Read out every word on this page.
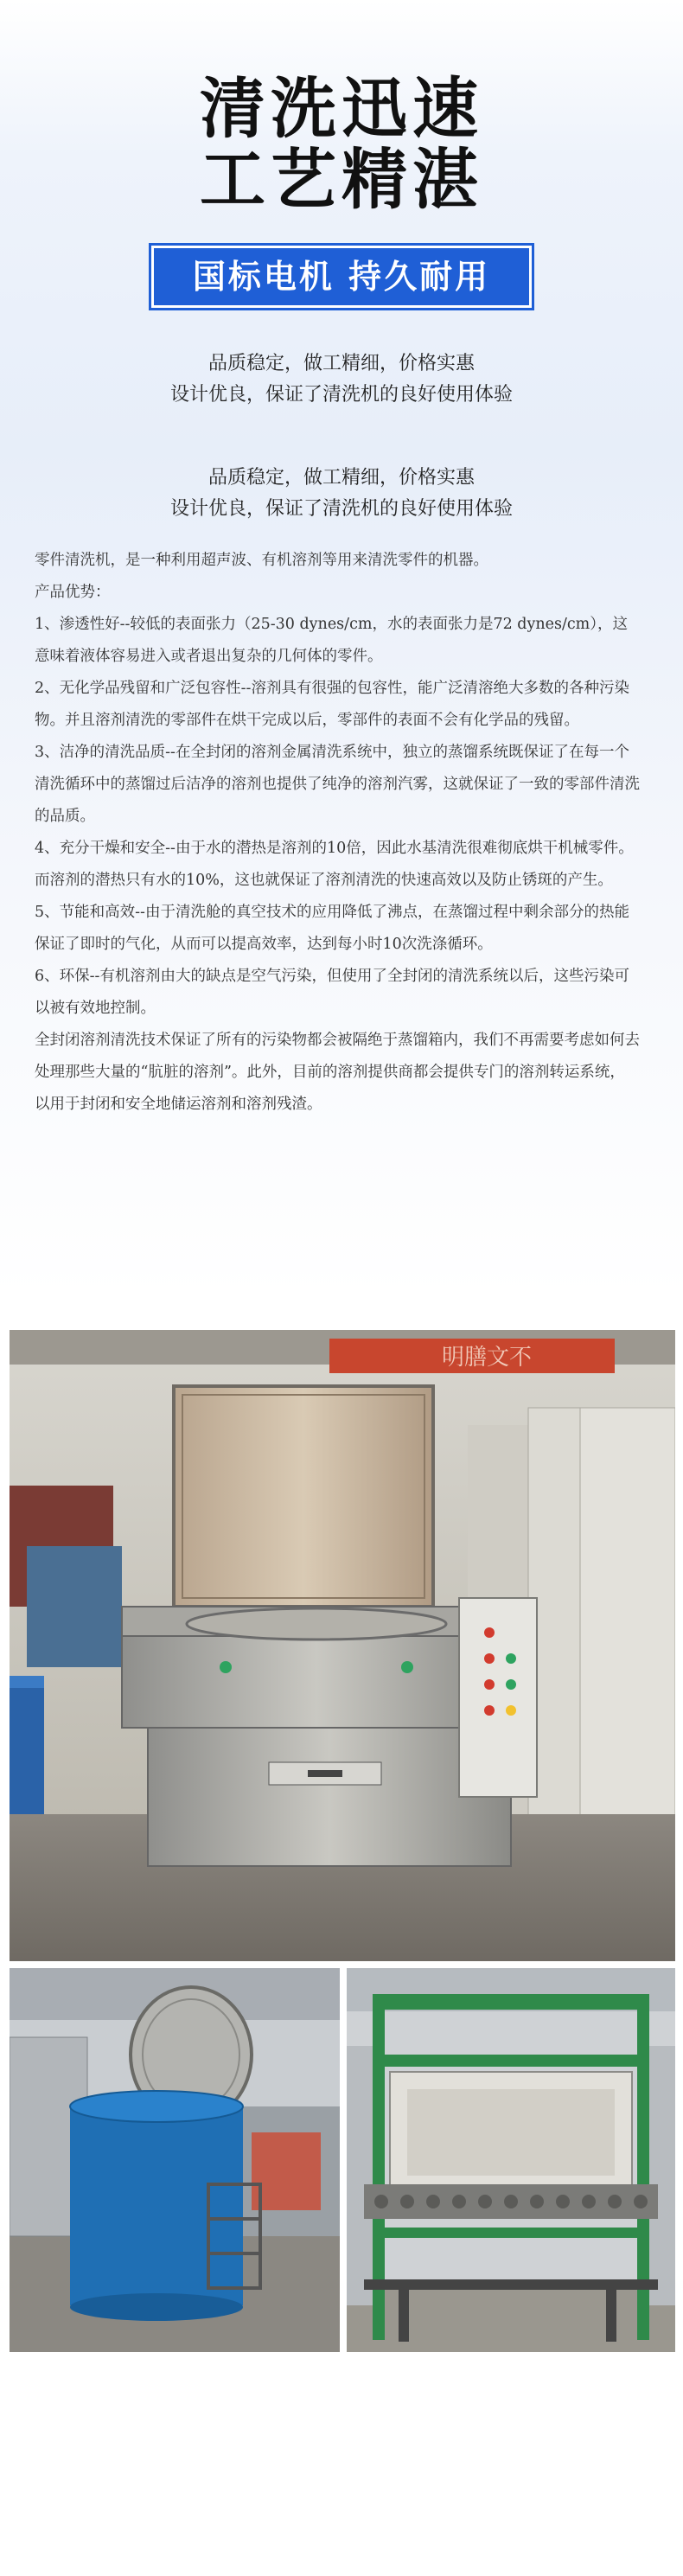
清洗迅速
工艺精湛
国标电机 持久耐用
品质稳定，做工精细，价格实惠
设计优良，保证了清洗机的良好使用体验
品质稳定，做工精细，价格实惠
设计优良，保证了清洗机的良好使用体验

零件清洗机，是一种利用超声波、有机溶剂等用来清洗零件的机器。

产品优势：

1、渗透性好--较低的表面张力（25-30 dynes/cm，水的表面张力是72 dynes/cm），这意味着液体容易进入或者退出复杂的几何体的零件。

2、无化学品残留和广泛包容性--溶剂具有很强的包容性，能广泛清溶绝大多数的各种污染物。并且溶剂清洗的零部件在烘干完成以后，零部件的表面不会有化学品的残留。

3、洁净的清洗品质--在全封闭的溶剂金属清洗系统中，独立的蒸馏系统既保证了在每一个清洗循环中的蒸馏过后洁净的溶剂也提供了纯净的溶剂汽雾，这就保证了一致的零部件清洗的品质。

4、充分干燥和安全--由于水的潜热是溶剂的10倍，因此水基清洗很难彻底烘干机械零件。而溶剂的潜热只有水的10%，这也就保证了溶剂清洗的快速高效以及防止锈斑的产生。

5、节能和高效--由于清洗舱的真空技术的应用降低了沸点，在蒸馏过程中剩余部分的热能保证了即时的气化，从而可以提高效率，达到每小时10次洗涤循环。

6、环保--有机溶剂由大的缺点是空气污染，但使用了全封闭的清洗系统以后，这些污染可以被有效地控制。

全封闭溶剂清洗技术保证了所有的污染物都会被隔绝于蒸馏箱内，我们不再需要考虑如何去处理那些大量的“肮脏的溶剂”。此外，目前的溶剂提供商都会提供专门的溶剂转运系统，以用于封闭和安全地储运溶剂和溶剂残渣。

明膳文不
